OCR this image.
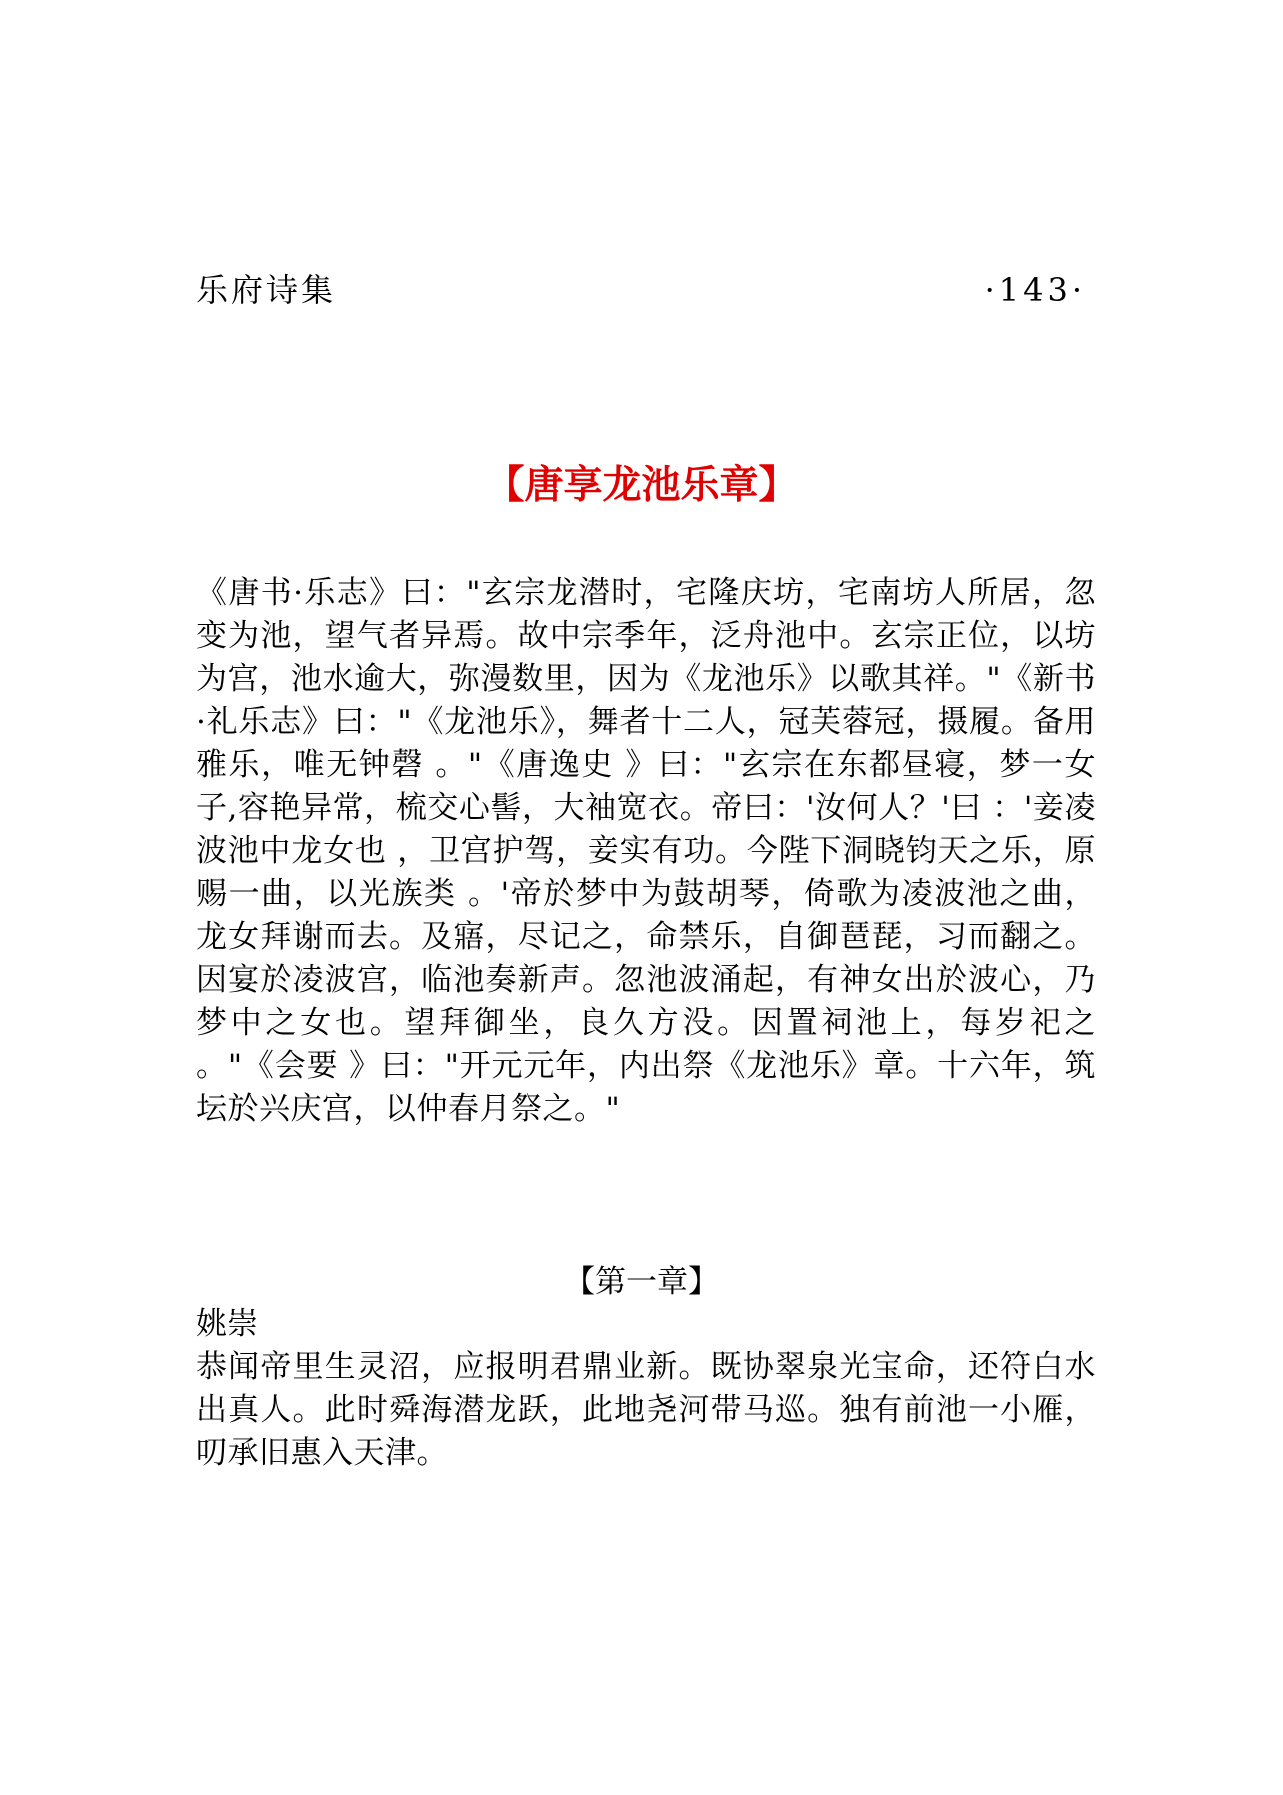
乐府诗集	·143·
【唐享龙池乐章】

《唐书·乐志》曰："玄宗龙潜时，宅隆庆坊，宅南坊人所居，忽变为池，望气者异焉。故中宗季年，泛舟池中。玄宗正位，以坊为宫，池水逾大，弥漫数里，因为《龙池乐》以歌其祥。"《新书·礼乐志》曰："《龙池乐》，舞者十二人，冠芙蓉冠，摄履。备用雅乐，唯无钟磬 。"《唐逸史 》曰："玄宗在东都昼寝，梦一女子,容艳异常，梳交心髻，大袖宽衣。帝曰：'汝何人？'曰 ：'妾凌波池中龙女也 ，卫宫护驾，妾实有功。今陛下洞晓钧天之乐，原赐一曲，以光族类 。'帝於梦中为鼓胡琴，倚歌为凌波池之曲，龙女拜谢而去。及寤，尽记之，命禁乐，自御琶琵，习而翻之。因宴於凌波宫，临池奏新声。忽池波涌起，有神女出於波心，乃梦中之女也。望拜御坐，良久方没。因置祠池上，每岁祀之 。"《会要 》曰："开元元年，内出祭《龙池乐》章。十六年，筑坛於兴庆宫，以仲春月祭之。"

【第一章】

姚崇

恭闻帝里生灵沼，应报明君鼎业新。既协翠泉光宝命，还符白水出真人。此时舜海潜龙跃，此地尧河带马巡。独有前池一小雁，叨承旧惠入天津。
